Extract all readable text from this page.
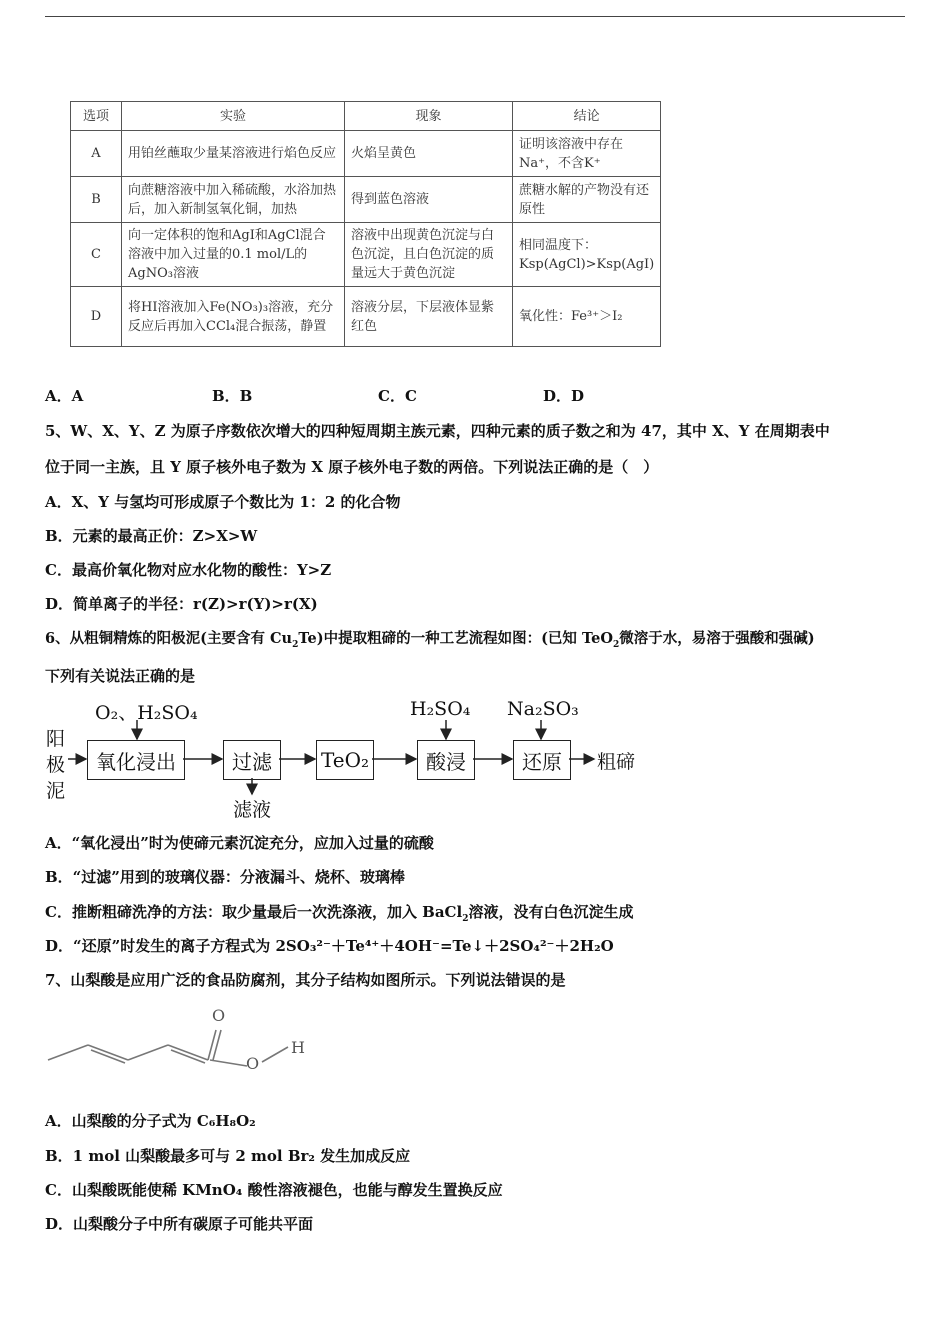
选项	实验	现象	结论
A	用铂丝蘸取少量某溶液进行焰色反应	火焰呈黄色	证明该溶液中存在Na⁺，不含K⁺
B	向蔗糖溶液中加入稀硫酸，水浴加热后，加入新制氢氧化铜，加热	得到蓝色溶液	蔗糖水解的产物没有还原性
C	向一定体积的饱和AgI和AgCl混合溶液中加入过量的0.1 mol/L的AgNO₃溶液	溶液中出现黄色沉淀与白色沉淀，且白色沉淀的质量远大于黄色沉淀	相同温度下：Ksp(AgCl)>Ksp(AgI)
D	将HI溶液加入Fe(NO₃)₃溶液，充分反应后再加入CCl₄混合振荡，静置	溶液分层，下层液体显紫红色	氧化性：Fe³⁺＞I₂
A．A	B．B	C．C	D．D
5、W、X、Y、Z 为原子序数依次增大的四种短周期主族元素，四种元素的质子数之和为 47，其中 X、Y 在周期表中
位于同一主族，且 Y 原子核外电子数为 X 原子核外电子数的两倍。下列说法正确的是（　）
A．X、Y 与氢均可形成原子个数比为 1：2 的化合物
B．元素的最高正价：Z>X>W
C．最高价氧化物对应水化物的酸性：Y>Z
D．简单离子的半径：r(Z)>r(Y)>r(X)
6、从粗铜精炼的阳极泥(主要含有 $Cu_2Te$)中提取粗碲的一种工艺流程如图：(已知 TeO$_2$微溶于水，易溶于强酸和强碱)
下列有关说法正确的是
阳极泥
O₂、H₂SO₄
氧化浸出	过滤
滤液
TeO₂
H₂SO₄
酸浸
Na₂SO₃
还原	粗碲
A．“氧化浸出”时为使碲元素沉淀充分，应加入过量的硫酸
B．“过滤”用到的玻璃仪器：分液漏斗、烧杯、玻璃棒
C．推断粗碲洗净的方法：取少量最后一次洗涤液，加入 BaCl$_2$溶液，没有白色沉淀生成
D．“还原”时发生的离子方程式为 2SO₃²⁻＋Te⁴⁺＋4OH⁻=Te↓＋2SO₄²⁻＋2H₂O
7、山梨酸是应用广泛的食品防腐剂，其分子结构如图所示。下列说法错误的是
O
O
H
A．山梨酸的分子式为 C₆H₈O₂
B．1 mol 山梨酸最多可与 2 mol Br₂ 发生加成反应
C．山梨酸既能使稀 KMnO₄ 酸性溶液褪色，也能与醇发生置换反应
D．山梨酸分子中所有碳原子可能共平面
